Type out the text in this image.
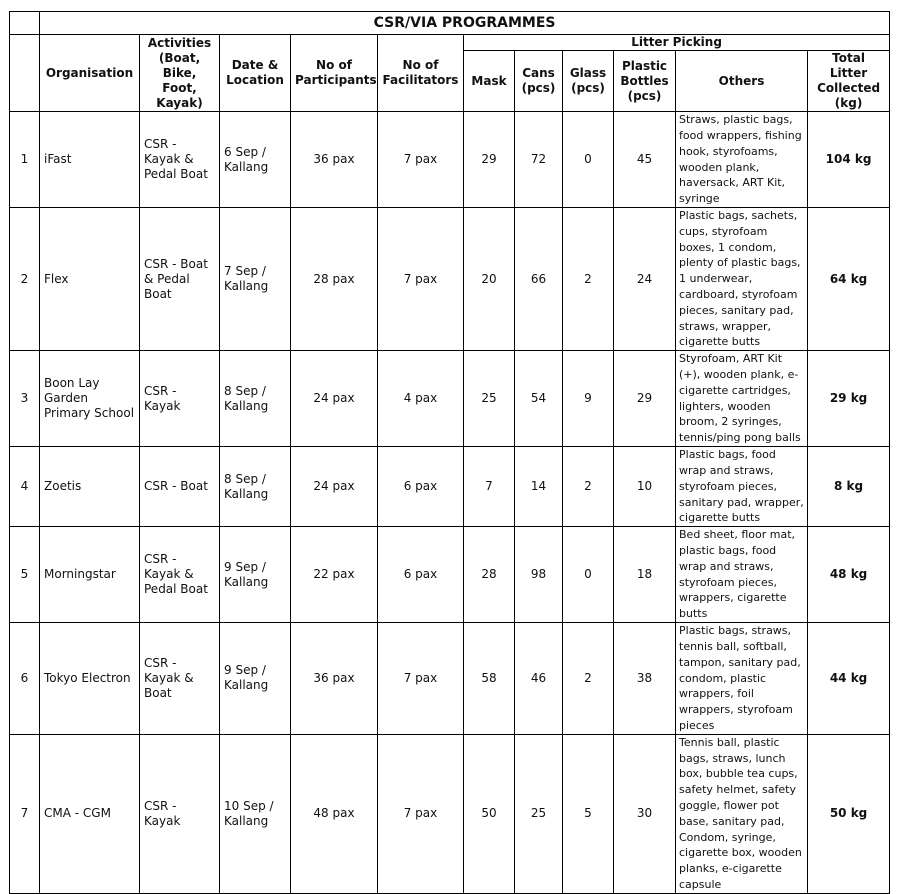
	CSR/VIA PROGRAMMES										
	Organisation	Activities (Boat, Bike, Foot, Kayak)	Date & Location	No of Participants	No of Facilitators	Litter Picking					
						Mask	Cans (pcs)	Glass (pcs)	Plastic Bottles (pcs)	Others	Total Litter Collected (kg)
1	iFast	CSR - Kayak & Pedal Boat	6 Sep / Kallang	36 pax	7 pax	29	72	0	45	Straws, plastic bags, food wrappers, fishing hook, styrofoams, wooden plank, haversack, ART Kit, syringe	104 kg
2	Flex	CSR - Boat & Pedal Boat	7 Sep / Kallang	28 pax	7 pax	20	66	2	24	Plastic bags, sachets, cups, styrofoam boxes, 1 condom, plenty of plastic bags, 1 underwear, cardboard, styrofoam pieces, sanitary pad, straws, wrapper, cigarette butts	64 kg
3	Boon Lay Garden Primary School	CSR - Kayak	8 Sep / Kallang	24 pax	4 pax	25	54	9	29	Styrofoam, ART Kit (+), wooden plank, e-cigarette cartridges, lighters, wooden broom, 2 syringes, tennis/ping pong balls	29 kg
4	Zoetis	CSR - Boat	8 Sep / Kallang	24 pax	6 pax	7	14	2	10	Plastic bags, food wrap and straws, styrofoam pieces, sanitary pad, wrapper, cigarette butts	8 kg
5	Morningstar	CSR - Kayak & Pedal Boat	9 Sep / Kallang	22 pax	6 pax	28	98	0	18	Bed sheet, floor mat, plastic bags, food wrap and straws, styrofoam pieces, wrappers, cigarette butts	48 kg
6	Tokyo Electron	CSR - Kayak & Boat	9 Sep / Kallang	36 pax	7 pax	58	46	2	38	Plastic bags, straws, tennis ball, softball, tampon, sanitary pad, condom, plastic wrappers, foil wrappers, styrofoam pieces	44 kg
7	CMA - CGM	CSR - Kayak	10 Sep / Kallang	48 pax	7 pax	50	25	5	30	Tennis ball, plastic bags, straws, lunch box, bubble tea cups, safety helmet, safety goggle, flower pot base, sanitary pad, Condom, syringe, cigarette box, wooden planks, e-cigarette capsule	50 kg
